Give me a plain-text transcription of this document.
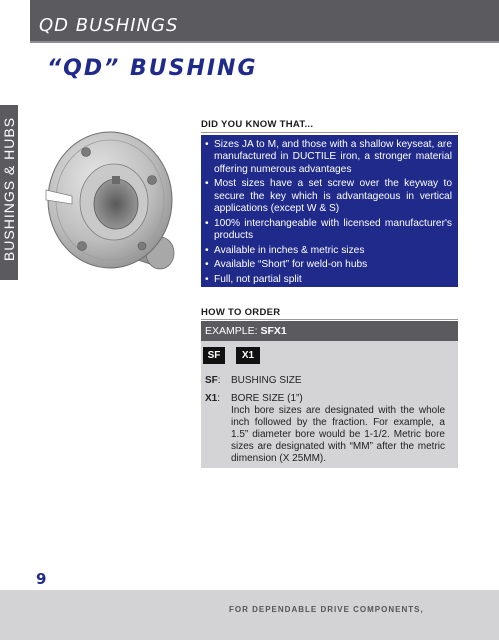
QD BUSHINGS
BUSHINGS & HUBS
“QD” BUSHING
DID YOU KNOW THAT...
• Sizes JA to M, and those with a shallow keyseat, are manufactured in DUCTILE iron, a stronger material offering numerous advantages
• Most sizes have a set screw over the keyway to secure the key which is advantageous in vertical applications (except W & S)
• 100% interchangeable with licensed manufacturer's products
• Available in inches & metric sizes
• Available “Short” for weld-on hubs
• Full, not partial split
HOW TO ORDER
EXAMPLE: SFX1
SF	X1
SF: BUSHING SIZE
X1: BORE SIZE (1”)
Inch bore sizes are designated with the whole inch followed by the fraction. For example, a 1.5” diameter bore would be 1-1/2. Metric bore sizes are designated with “MM” after the metric dimension (X 25MM).
9
FOR DEPENDABLE DRIVE COMPONENTS,
